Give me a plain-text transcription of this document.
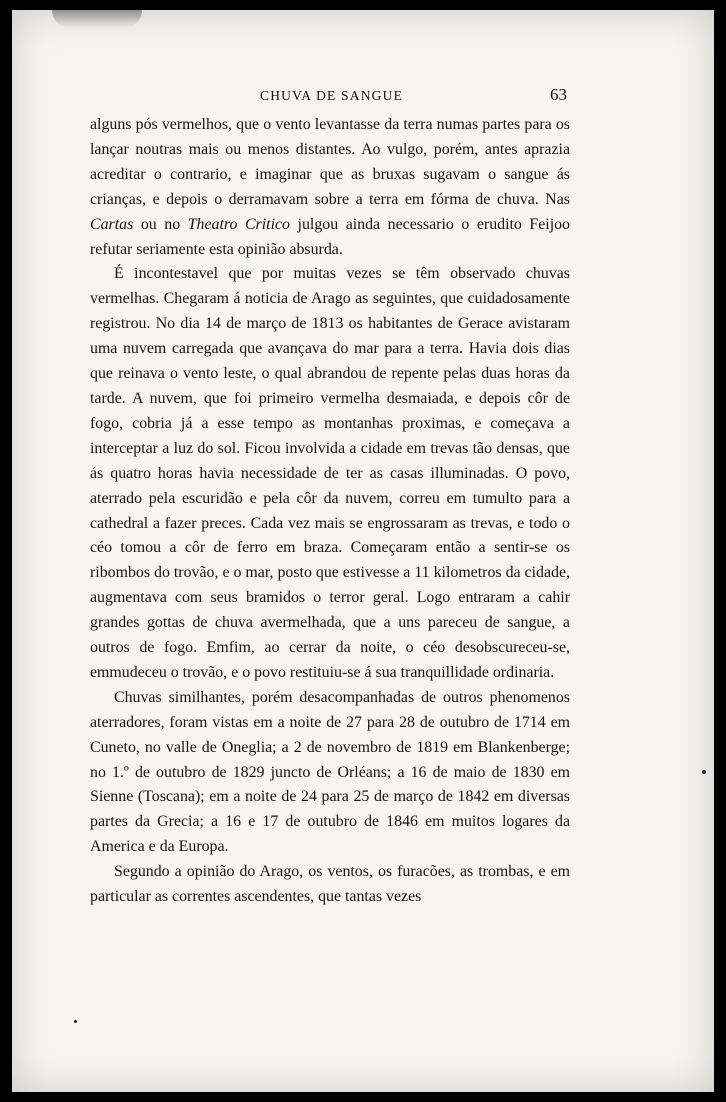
CHUVA DE SANGUE	63

alguns pós vermelhos, que o vento levantasse da terra numas partes para os lançar noutras mais ou menos distantes. Ao vulgo, porém, antes aprazia acreditar o contrario, e imaginar que as bruxas sugavam o sangue ás crianças, e depois o derramavam sobre a terra em fórma de chuva. Nas Cartas ou no Theatro Critico julgou ainda necessario o erudito Feijoo refutar seriamente esta opinião absurda.

É incontestavel que por muitas vezes se têm observado chuvas vermelhas. Chegaram á noticia de Arago as seguintes, que cuidadosamente registrou. No dia 14 de março de 1813 os habitantes de Gerace avistaram uma nuvem carregada que avançava do mar para a terra. Havia dois dias que reinava o vento leste, o qual abrandou de repente pelas duas horas da tarde. A nuvem, que foi primeiro vermelha desmaiada, e depois côr de fogo, cobria já a esse tempo as montanhas proximas, e começava a interceptar a luz do sol. Ficou involvida a cidade em trevas tão densas, que ás quatro horas havia necessidade de ter as casas illuminadas. O povo, aterrado pela escuridão e pela côr da nuvem, correu em tumulto para a cathedral a fazer preces. Cada vez mais se engrossaram as trevas, e todo o céo tomou a côr de ferro em braza. Começaram então a sentir-se os ribombos do trovão, e o mar, posto que estivesse a 11 kilometros da cidade, augmentava com seus bramidos o terror geral. Logo entraram a cahir grandes gottas de chuva avermelhada, que a uns pareceu de sangue, a outros de fogo. Emfim, ao cerrar da noite, o céo desobscureceu-se, emmudeceu o trovão, e o povo restituiu-se á sua tranquillidade ordinaria.

Chuvas similhantes, porém desacompanhadas de outros phenomenos aterradores, foram vistas em a noite de 27 para 28 de outubro de 1714 em Cuneto, no valle de Oneglia; a 2 de novembro de 1819 em Blankenberge; no 1.º de outubro de 1829 juncto de Orléans; a 16 de maio de 1830 em Sienne (Toscana); em a noite de 24 para 25 de março de 1842 em diversas partes da Grecia; a 16 e 17 de outubro de 1846 em muitos logares da America e da Europa.

Segundo a opinião do Arago, os ventos, os furacões, as trombas, e em particular as correntes ascendentes, que tantas vezes
